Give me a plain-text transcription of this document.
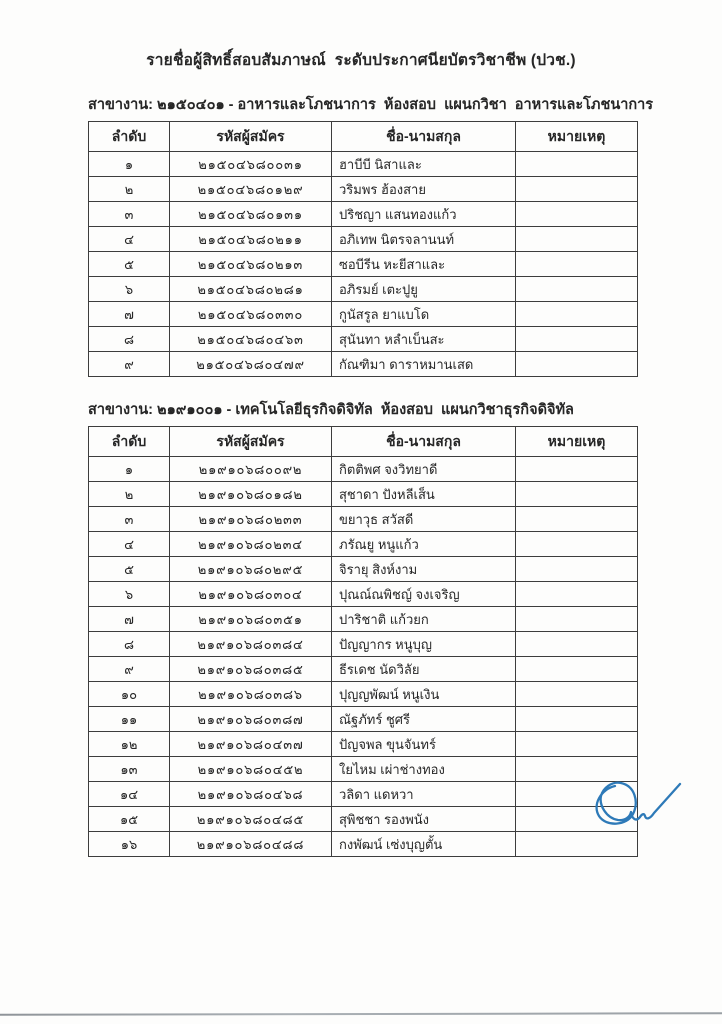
รายชื่อผู้สิทธิ์สอบสัมภาษณ์  ระดับประกาศนียบัตรวิชาชีพ (ปวช.)
สาขางาน: ๒๑๕๐๔๐๑ - อาหารและโภชนาการ  ห้องสอบ  แผนกวิชา  อาหารและโภชนาการ
ลำดับ	รหัสผู้สมัคร	ชื่อ-นามสกุล	หมายเหตุ
๑	๒๑๕๐๔๖๘๐๐๓๑	ฮาบีบี นิสาและ	
๒	๒๑๕๐๔๖๘๐๑๒๙	วริมพร ฮ้องสาย	
๓	๒๑๕๐๔๖๘๐๑๓๑	ปริชญา แสนทองแก้ว	
๔	๒๑๕๐๔๖๘๐๒๑๑	อภิเทพ นิตรจลานนท์	
๕	๒๑๕๐๔๖๘๐๒๑๓	ซอบีรีน หะยีสาและ	
๖	๒๑๕๐๔๖๘๐๒๘๑	อภิรมย์ เตะปูยู	
๗	๒๑๕๐๔๖๘๐๓๓๐	กูนัสรูล ยาแบโด	
๘	๒๑๕๐๔๖๘๐๔๖๓	สุนันทา หลำเบ็นสะ	
๙	๒๑๕๐๔๖๘๐๔๗๙	กัณฑิมา ดาราหมานเสด	
สาขางาน: ๒๑๙๑๐๐๑ - เทคโนโลยีธุรกิจดิจิทัล  ห้องสอบ  แผนกวิชาธุรกิจดิจิทัล
ลำดับ	รหัสผู้สมัคร	ชื่อ-นามสกุล	หมายเหตุ
๑	๒๑๙๑๐๖๘๐๐๙๒	กิตติพศ จงวิทยาดี	
๒	๒๑๙๑๐๖๘๐๑๘๒	สุชาดา ปังหลีเส็น	
๓	๒๑๙๑๐๖๘๐๒๓๓	ขยาวุธ สวัสดี	
๔	๒๑๙๑๐๖๘๐๒๓๔	ภรัณยู หนูแก้ว	
๕	๒๑๙๑๐๖๘๐๒๙๕	จิรายุ สิงห์งาม	
๖	๒๑๙๑๐๖๘๐๓๐๔	ปุณณ์ณพิชญ์ จงเจริญ	
๗	๒๑๙๑๐๖๘๐๓๕๑	ปาริชาติ แก้วยก	
๘	๒๑๙๑๐๖๘๐๓๘๔	ปัญญากร หนูบุญ	
๙	๒๑๙๑๐๖๘๐๓๘๕	ธีรเดช นัดวิลัย	
๑๐	๒๑๙๑๐๖๘๐๓๘๖	ปุญญพัฒน์ หนูเงิน	
๑๑	๒๑๙๑๐๖๘๐๓๘๗	ณัฐภัทร์ ชูศรี	
๑๒	๒๑๙๑๐๖๘๐๔๓๗	ปัญจพล ขุนจันทร์	
๑๓	๒๑๙๑๐๖๘๐๔๕๒	ใยไหม เผ่าช่างทอง	
๑๔	๒๑๙๑๐๖๘๐๔๖๘	วลิดา แดหวา	
๑๕	๒๑๙๑๐๖๘๐๔๘๕	สุพิชชา รองพนัง	
๑๖	๒๑๙๑๐๖๘๐๔๘๘	กงพัฒน์ เซ่งบุญตั้น	
